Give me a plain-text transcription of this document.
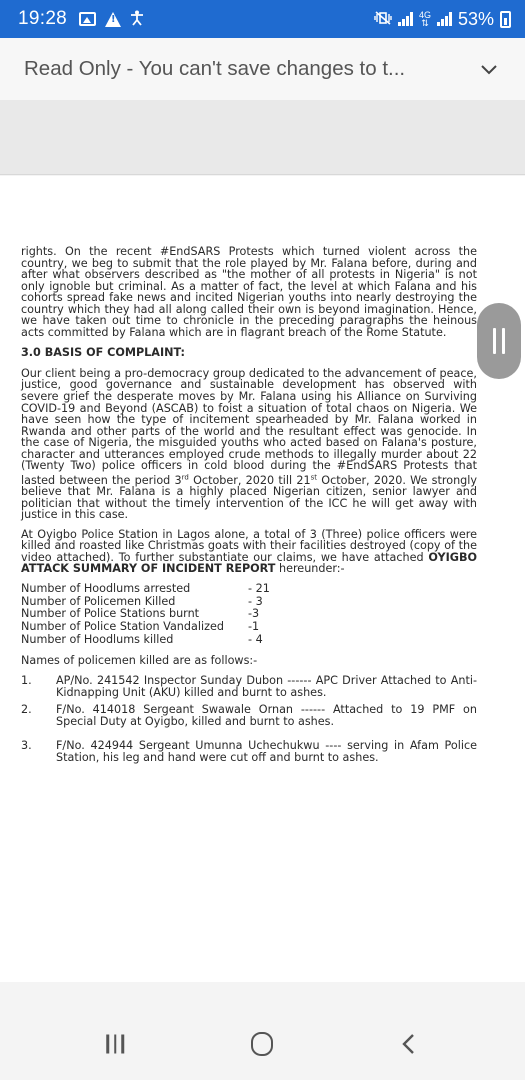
19:28	!	4G
⇅ 53%
Read Only - You can't save changes to t...

rights. On the recent #EndSARS Protests which turned violent across the country, we beg to submit that the role played by Mr. Falana before, during and after what observers described as "the mother of all protests in Nigeria" is not only ignoble but criminal. As a matter of fact, the level at which Falana and his cohorts spread fake news and incited Nigerian youths into nearly destroying the country which they had all along called their own is beyond imagination. Hence, we have taken out time to chronicle in the preceding paragraphs the heinous acts committed by Falana which are in flagrant breach of the Rome Statute.

3.0 BASIS OF COMPLAINT:

Our client being a pro-democracy group dedicated to the advancement of peace, justice, good governance and sustainable development has observed with severe grief the desperate moves by Mr. Falana using his Alliance on Surviving COVID-19 and Beyond (ASCAB) to foist a situation of total chaos on Nigeria. We have seen how the type of incitement spearheaded by Mr. Falana worked in Rwanda and other parts of the world and the resultant effect was genocide. In the case of Nigeria, the misguided youths who acted based on Falana's posture, character and utterances employed crude methods to illegally murder about 22 (Twenty Two) police officers in cold blood during the #EndSARS Protests that lasted between the period 3rd October, 2020 till 21st October, 2020. We strongly believe that Mr. Falana is a highly placed Nigerian citizen, senior lawyer and politician that without the timely intervention of the ICC he will get away with justice in this case.

At Oyigbo Police Station in Lagos alone, a total of 3 (Three) police officers were killed and roasted like Christmas goats with their facilities destroyed (copy of the video attached). To further substantiate our claims, we have attached OYIGBO ATTACK SUMMARY OF INCIDENT REPORT hereunder:-

Number of Hoodlums arrested	- 21
Number of Policemen Killed	- 3
Number of Police Stations burnt	-3
Number of Police Station Vandalized	-1
Number of Hoodlums killed	- 4

Names of policemen killed are as follows:-

1.	AP/No. 241542 Inspector Sunday Dubon ------ APC Driver Attached to Anti-Kidnapping Unit (AKU) killed and burnt to ashes.
2.	F/No. 414018 Sergeant Swawale Ornan ------ Attached to 19 PMF on Special Duty at Oyigbo, killed and burnt to ashes.
3.	F/No. 424944 Sergeant Umunna Uchechukwu ---- serving in Afam Police Station, his leg and hand were cut off and burnt to ashes.
